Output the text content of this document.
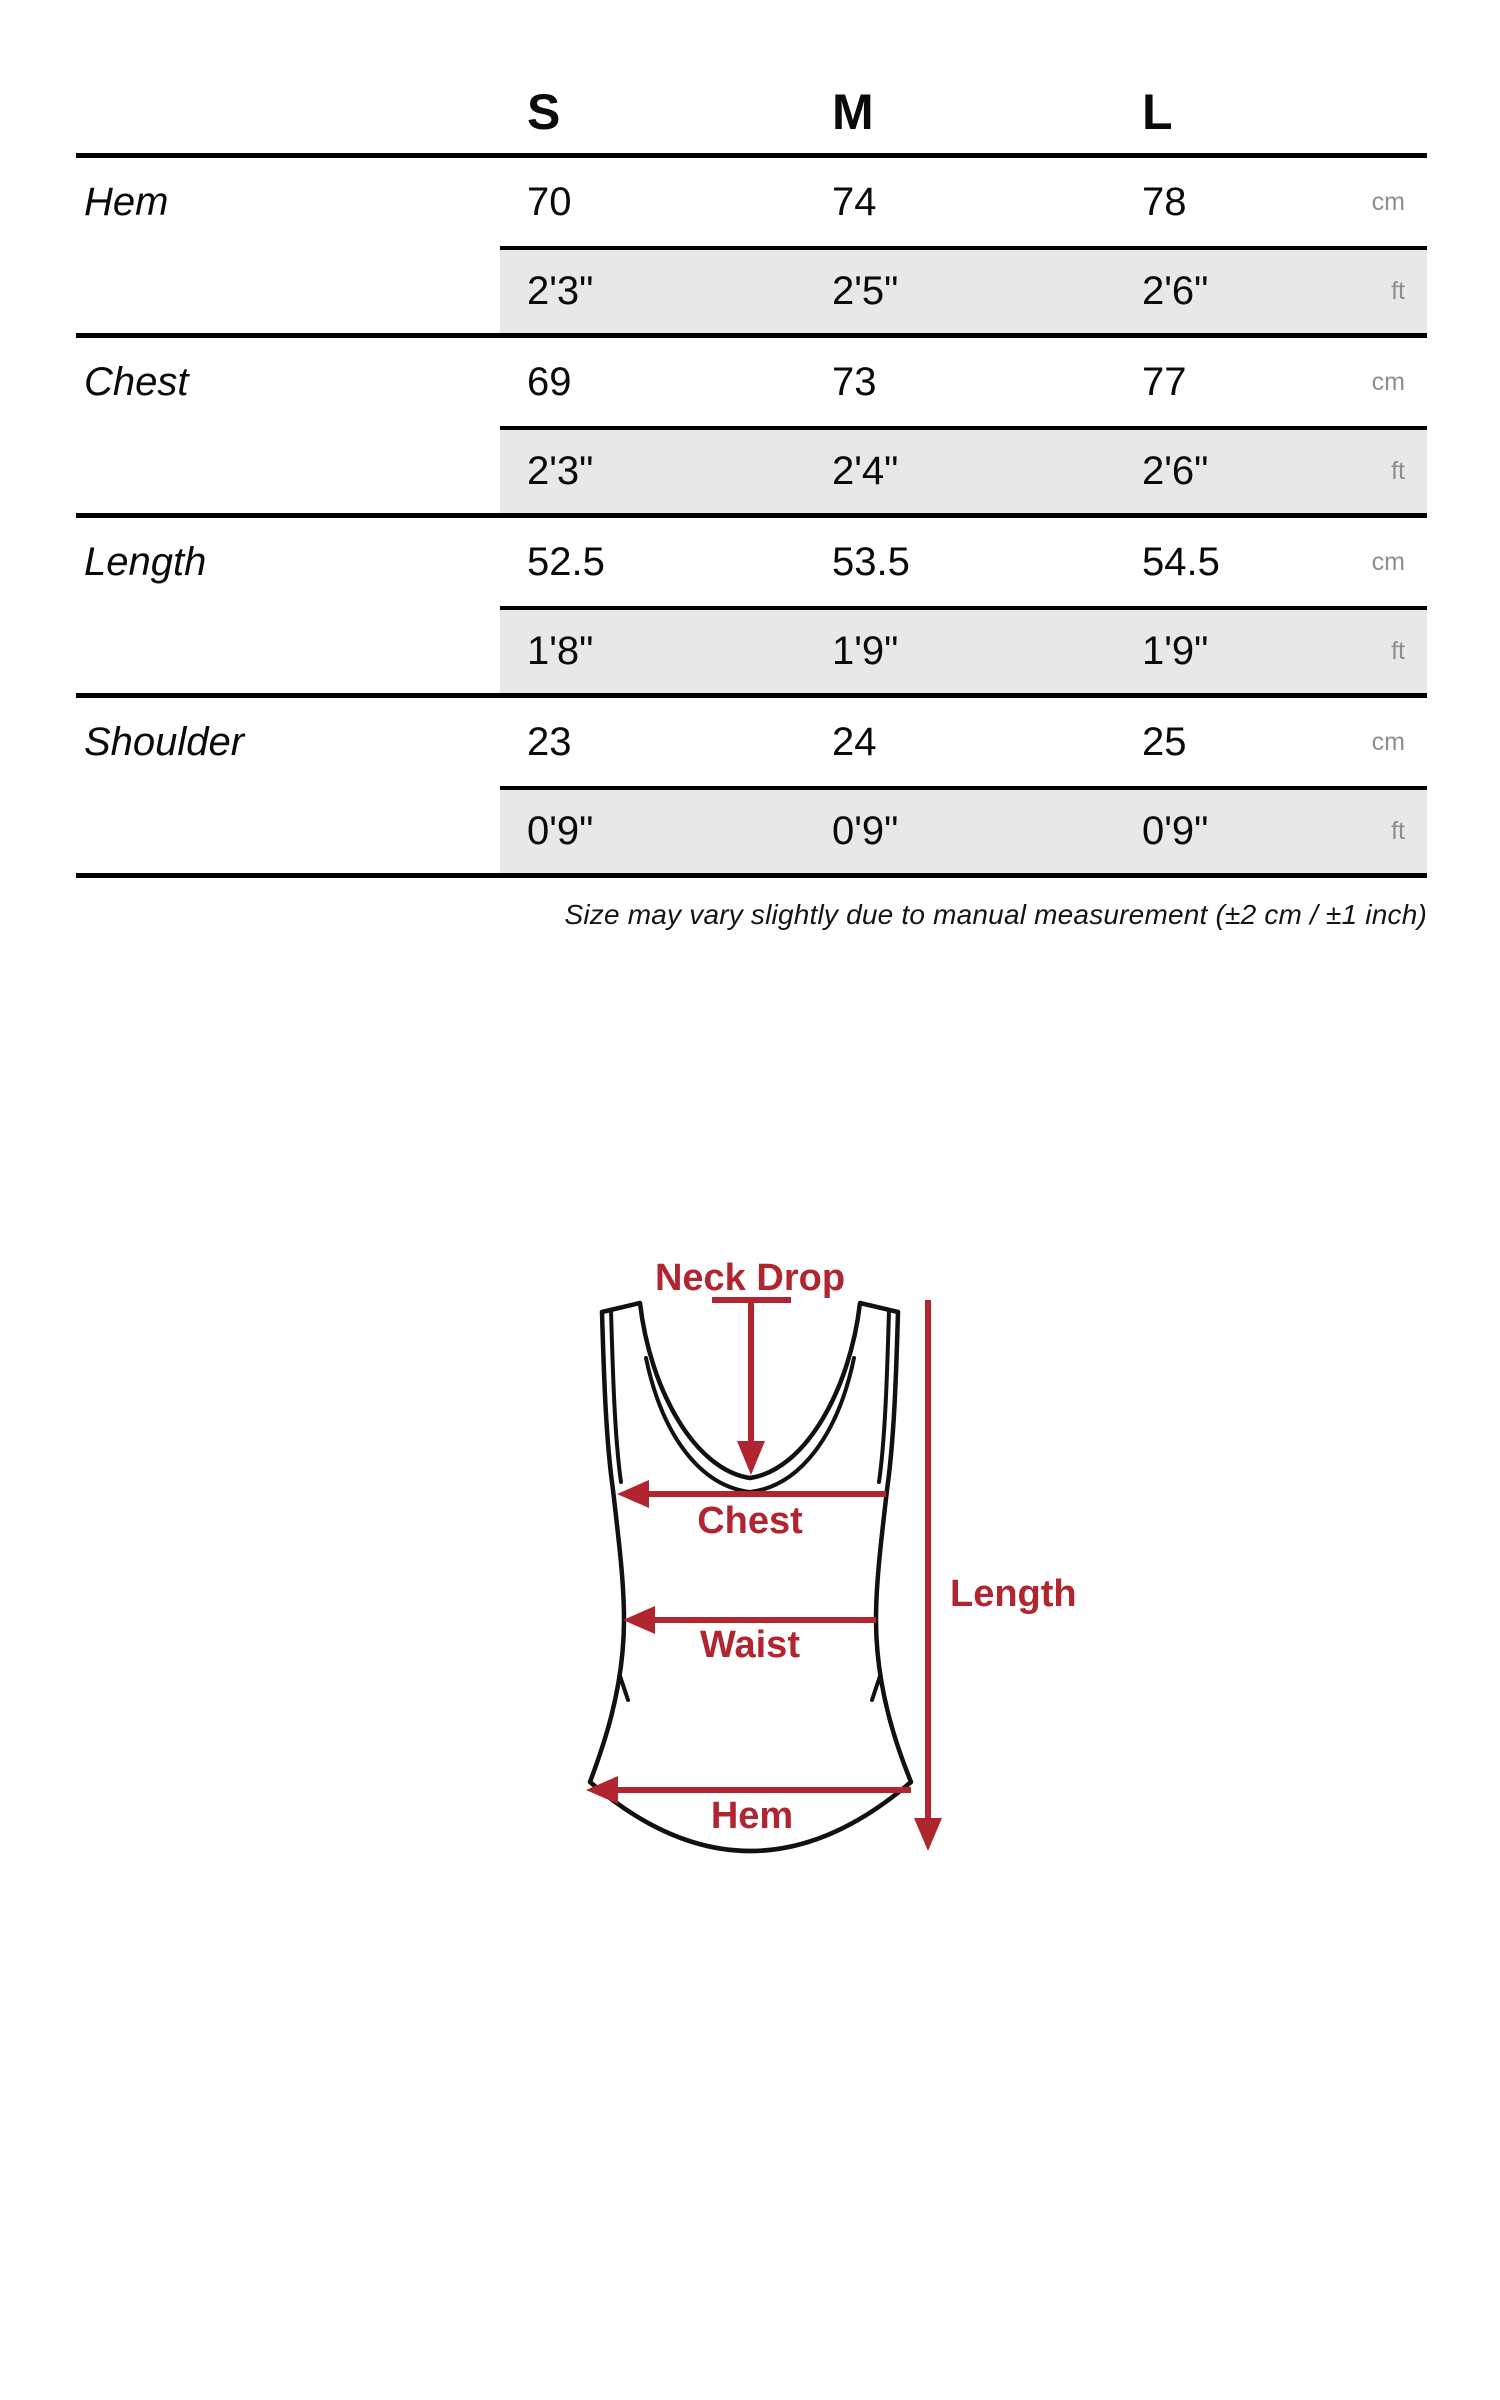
S	M	L
Hem	70	74	78	cm
2'3"	2'5"	2'6"	ft
Chest	69	73	77	cm
2'3"	2'4"	2'6"	ft
Length	52.5	53.5	54.5	cm
1'8"	1'9"	1'9"	ft
Shoulder	23	24	25	cm
0'9"	0'9"	0'9"	ft

Size may vary slightly due to manual measurement (±2 cm / ±1 inch)

Neck Drop
Chest
Waist
Hem
Length
